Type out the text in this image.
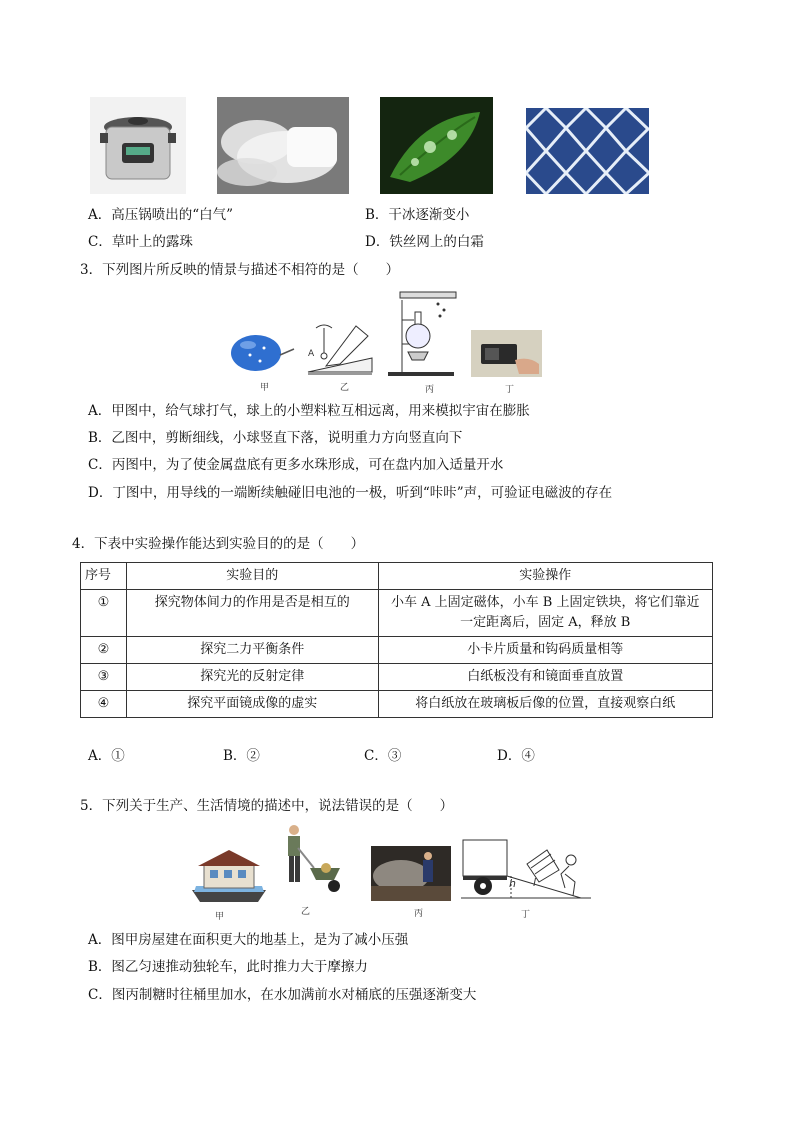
A．高压锅喷出的“白气”	B．干冰逐渐变小
C．草叶上的露珠	D．铁丝网上的白霜
3．下列图片所反映的情景与描述不相符的是（　　）
甲
A
乙	丙	丁
A．甲图中，给气球打气，球上的小塑料粒互相远离，用来模拟宇宙在膨胀
B．乙图中，剪断细线，小球竖直下落，说明重力方向竖直向下
C．丙图中，为了使金属盘底有更多水珠形成，可在盘内加入适量开水
D．丁图中，用导线的一端断续触碰旧电池的一极，听到“咔咔”声，可验证电磁波的存在
4．下表中实验操作能达到实验目的的是（　　）
序号	实验目的	实验操作
①	探究物体间力的作用是否是相互的	小车 A 上固定磁体，小车 B 上固定铁块，将它们靠近
一定距离后，固定 A，释放 B

②	探究二力平衡条件	小卡片质量和钩码质量相等
③	探究光的反射定律	白纸板没有和镜面垂直放置
④	探究平面镜成像的虚实	将白纸放在玻璃板后像的位置，直接观察白纸
A．①	B．②	C．③	D．④
5．下列关于生产、生活情境的描述中，说法错误的是（　　）
甲	乙	丙
h l
丁
A．图甲房屋建在面积更大的地基上，是为了减小压强
B．图乙匀速推动独轮车，此时推力大于摩擦力
C．图丙制糖时往桶里加水，在水加满前水对桶底的压强逐渐变大
